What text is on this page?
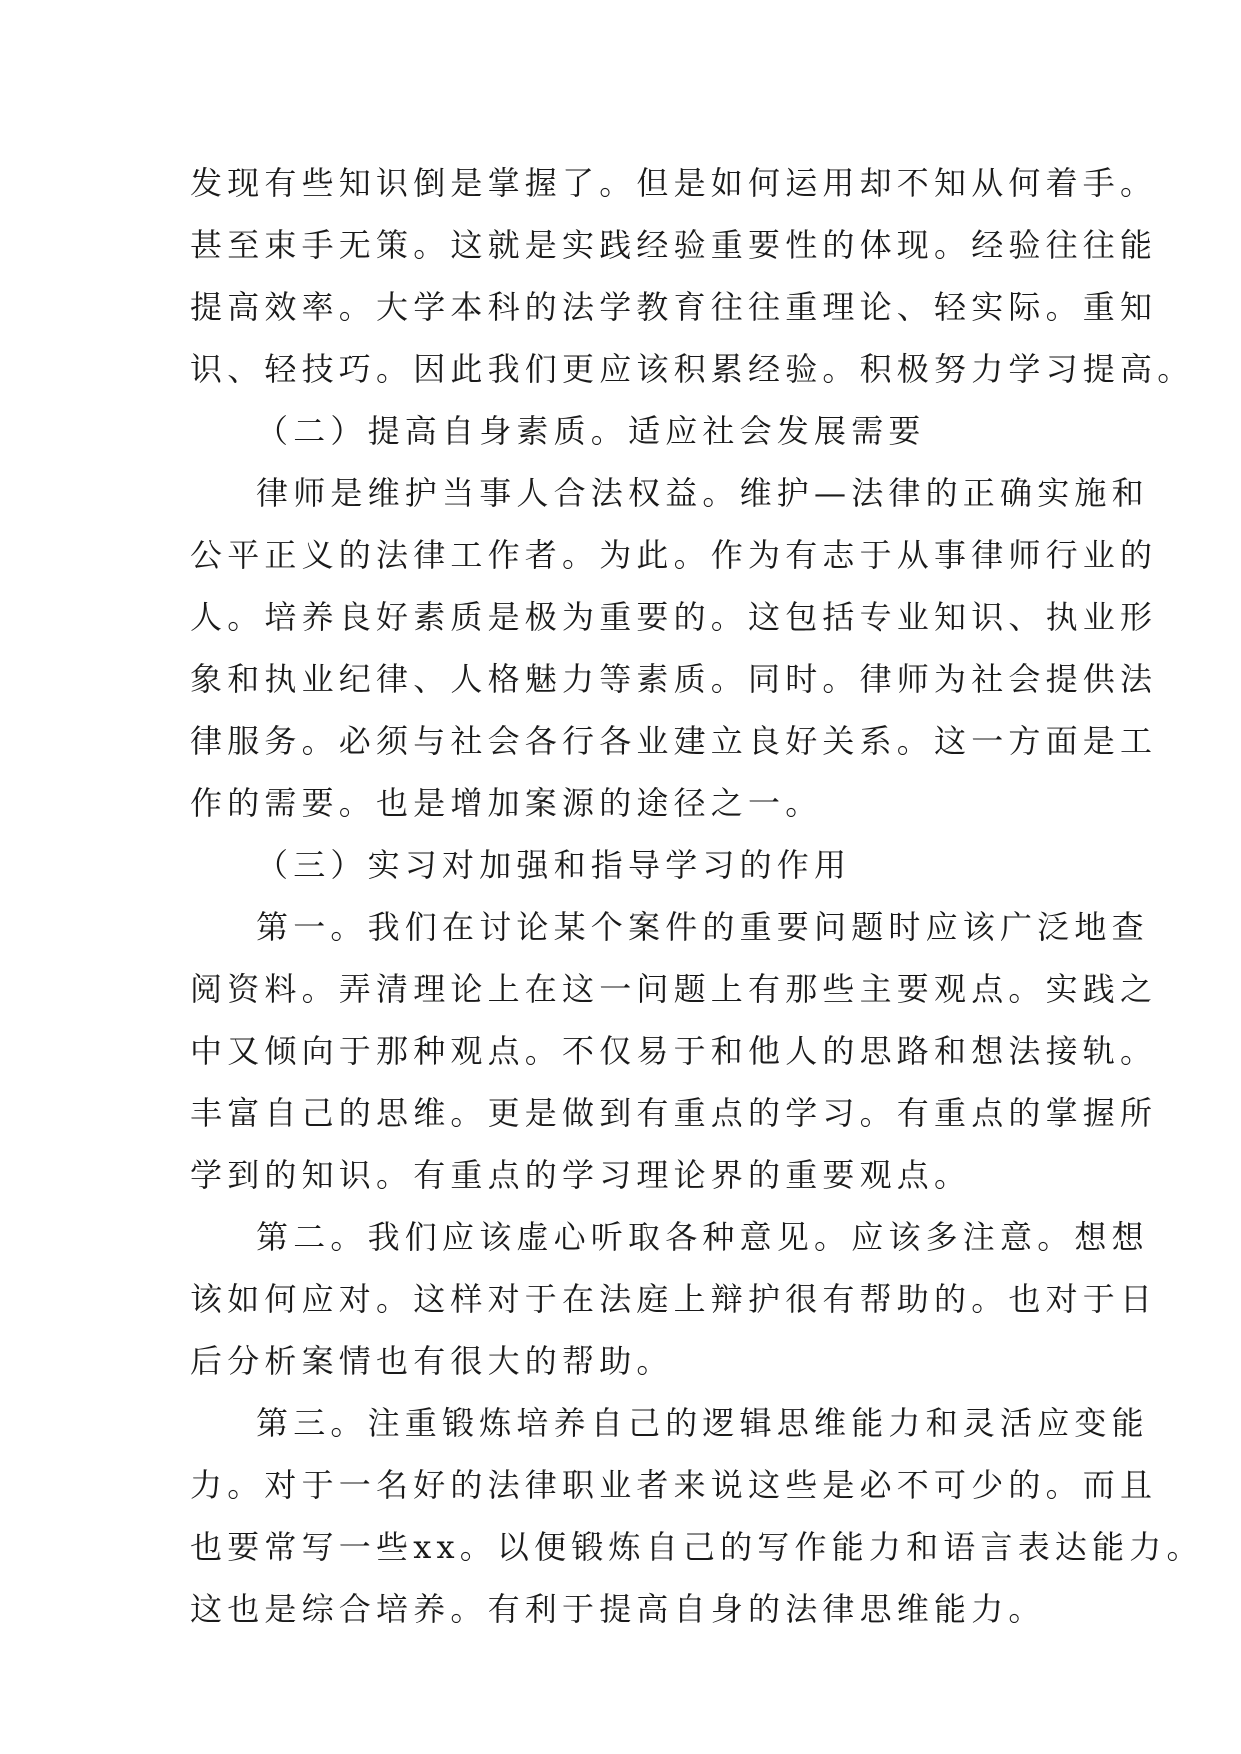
发现有些知识倒是掌握了。但是如何运用却不知从何着手。
甚至束手无策。这就是实践经验重要性的体现。经验往往能
提高效率。大学本科的法学教育往往重理论、轻实际。重知
识、轻技巧。因此我们更应该积累经验。积极努力学习提高。
（二）提高自身素质。适应社会发展需要
律师是维护当事人合法权益。维护—法律的正确实施和
公平正义的法律工作者。为此。作为有志于从事律师行业的
人。培养良好素质是极为重要的。这包括专业知识、执业形
象和执业纪律、人格魅力等素质。同时。律师为社会提供法
律服务。必须与社会各行各业建立良好关系。这一方面是工
作的需要。也是增加案源的途径之一。
（三）实习对加强和指导学习的作用
第一。我们在讨论某个案件的重要问题时应该广泛地查
阅资料。弄清理论上在这一问题上有那些主要观点。实践之
中又倾向于那种观点。不仅易于和他人的思路和想法接轨。
丰富自己的思维。更是做到有重点的学习。有重点的掌握所
学到的知识。有重点的学习理论界的重要观点。
第二。我们应该虚心听取各种意见。应该多注意。想想
该如何应对。这样对于在法庭上辩护很有帮助的。也对于日
后分析案情也有很大的帮助。
第三。注重锻炼培养自己的逻辑思维能力和灵活应变能
力。对于一名好的法律职业者来说这些是必不可少的。而且
也要常写一些xx。以便锻炼自己的写作能力和语言表达能力。
这也是综合培养。有利于提高自身的法律思维能力。
